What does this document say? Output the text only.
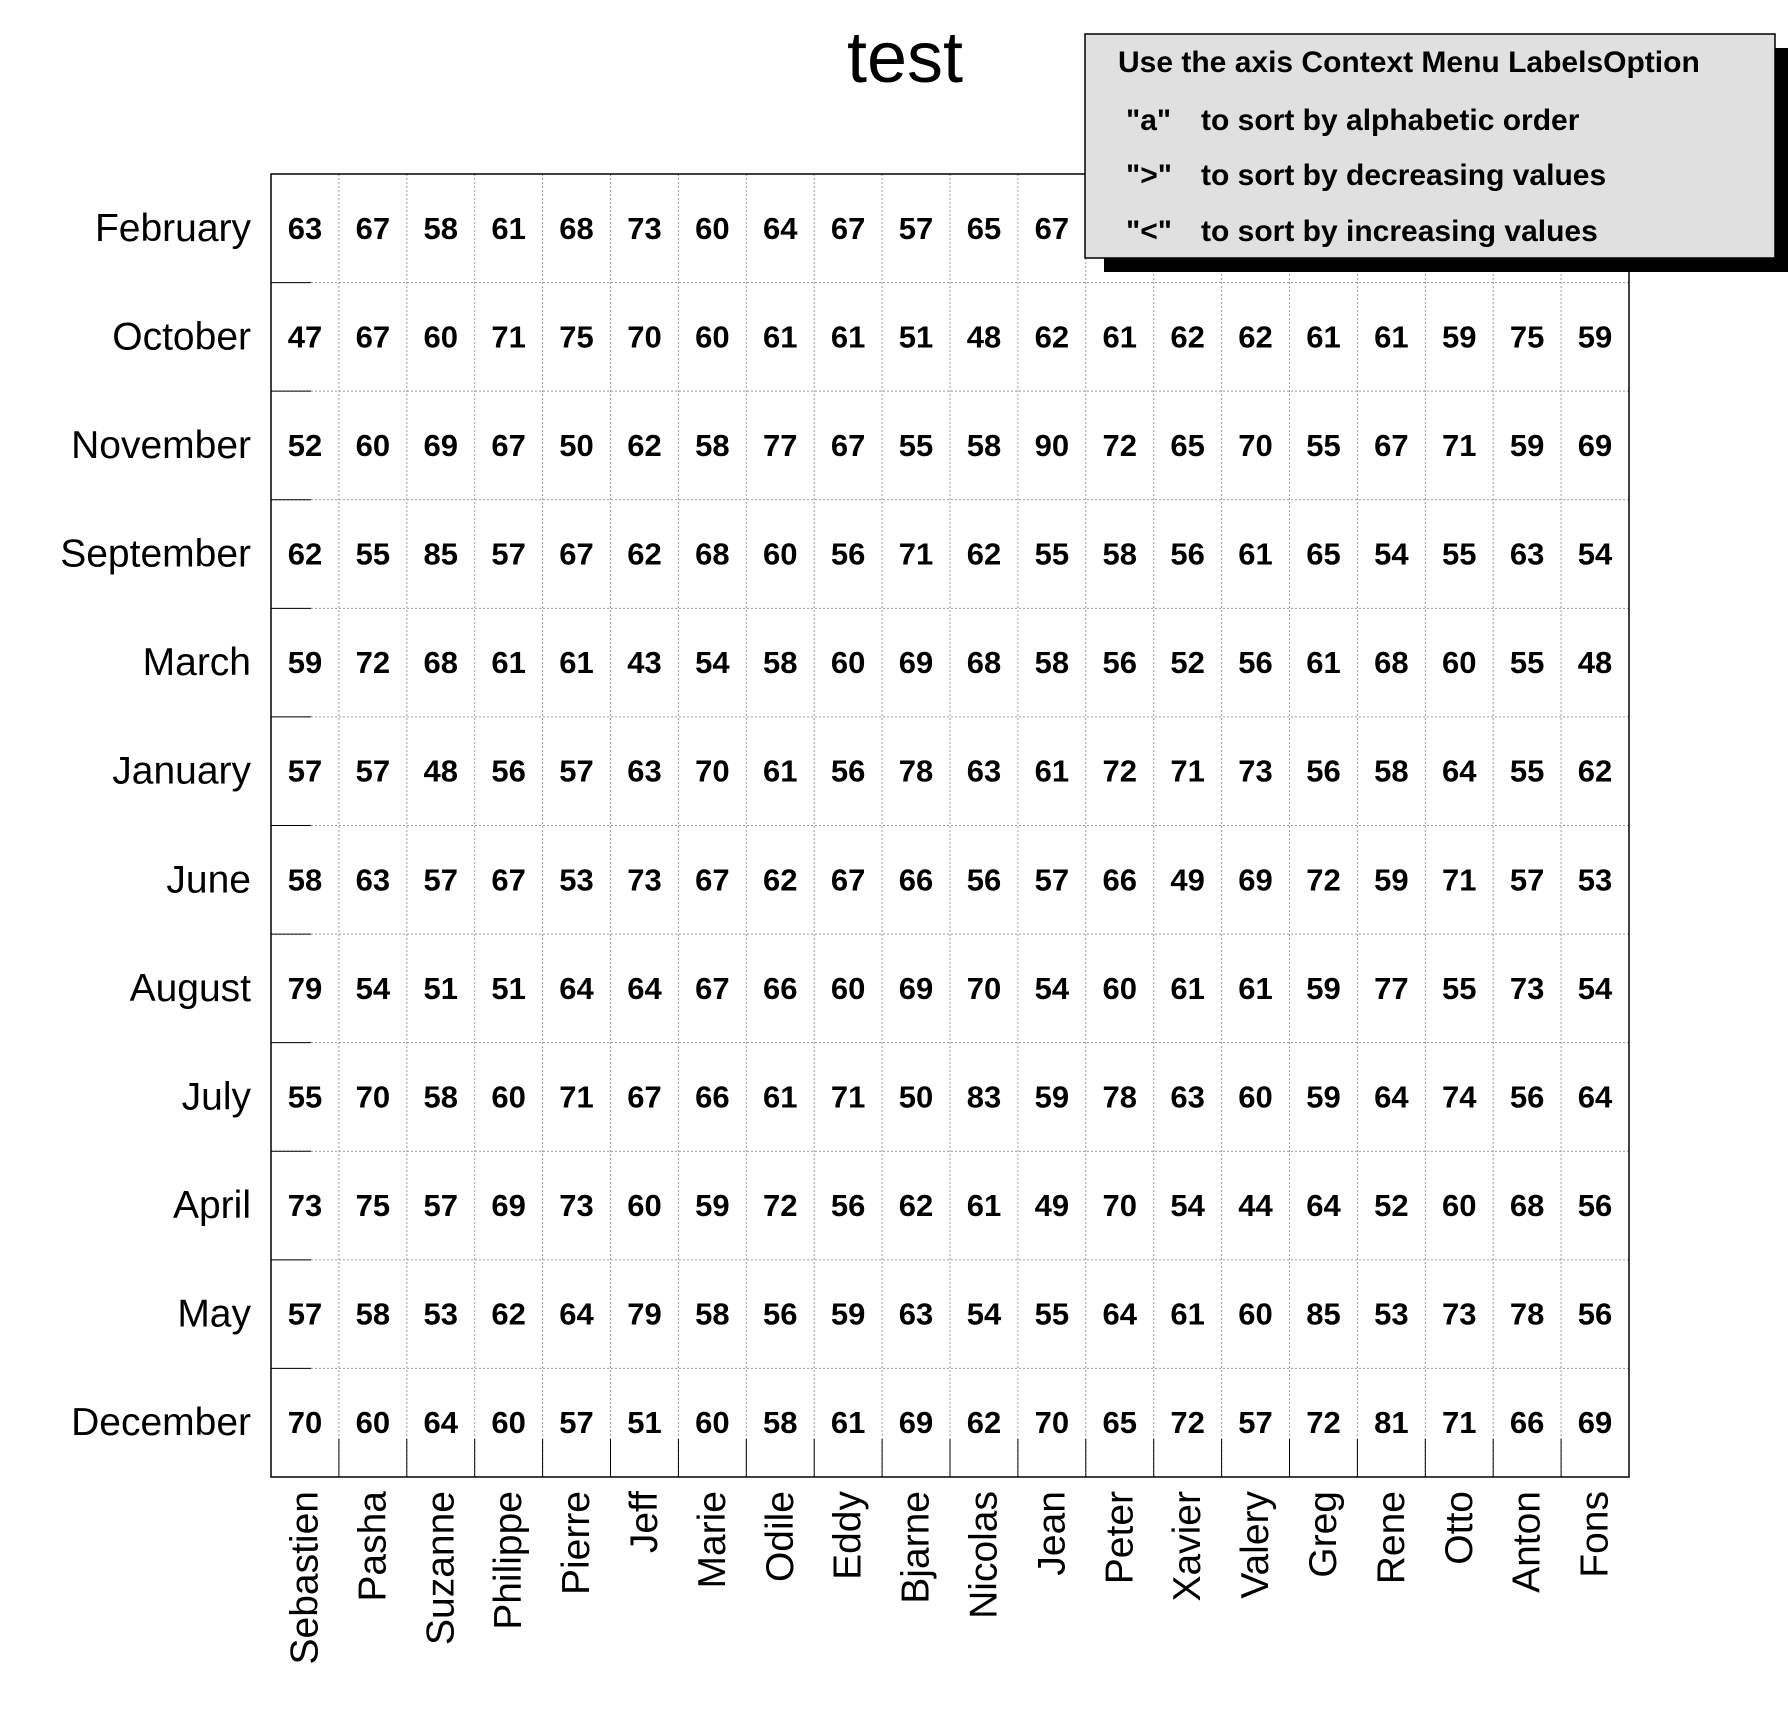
test
63 67 58 61 68 73 60 64 67 57 65 67
47 67 60 71 75 70 60 61 61 51 48 62 61 62 62 61 61 59 75 59
52 60 69 67 50 62 58 77 67 55 58 90 72 65 70 55 67 71 59 69
62 55 85 57 67 62 68 60 56 71 62 55 58 56 61 65 54 55 63 54
59 72 68 61 61 43 54 58 60 69 68 58 56 52 56 61 68 60 55 48
57 57 48 56 57 63 70 61 56 78 63 61 72 71 73 56 58 64 55 62
58 63 57 67 53 73 67 62 67 66 56 57 66 49 69 72 59 71 57 53
79 54 51 51 64 64 67 66 60 69 70 54 60 61 61 59 77 55 73 54
55 70 58 60 71 67 66 61 71 50 83 59 78 63 60 59 64 74 56 64
73 75 57 69 73 60 59 72 56 62 61 49 70 54 44 64 52 60 68 56
57 58 53 62 64 79 58 56 59 63 54 55 64 61 60 85 53 73 78 56
70 60 64 60 57 51 60 58 61 69 62 70 65 72 57 72 81 71 66 69
February
October
November
September
March
January
June
August
July
April
May
December
Sebastien Pasha Suzanne Philippe Pierre Jeff Marie Odile Eddy Bjarne Nicolas Jean Peter Xavier Valery Greg Rene Otto Anton Fons
Use the axis Context Menu LabelsOption
"a" to sort by alphabetic order
">" to sort by decreasing values
"<" to sort by increasing values
